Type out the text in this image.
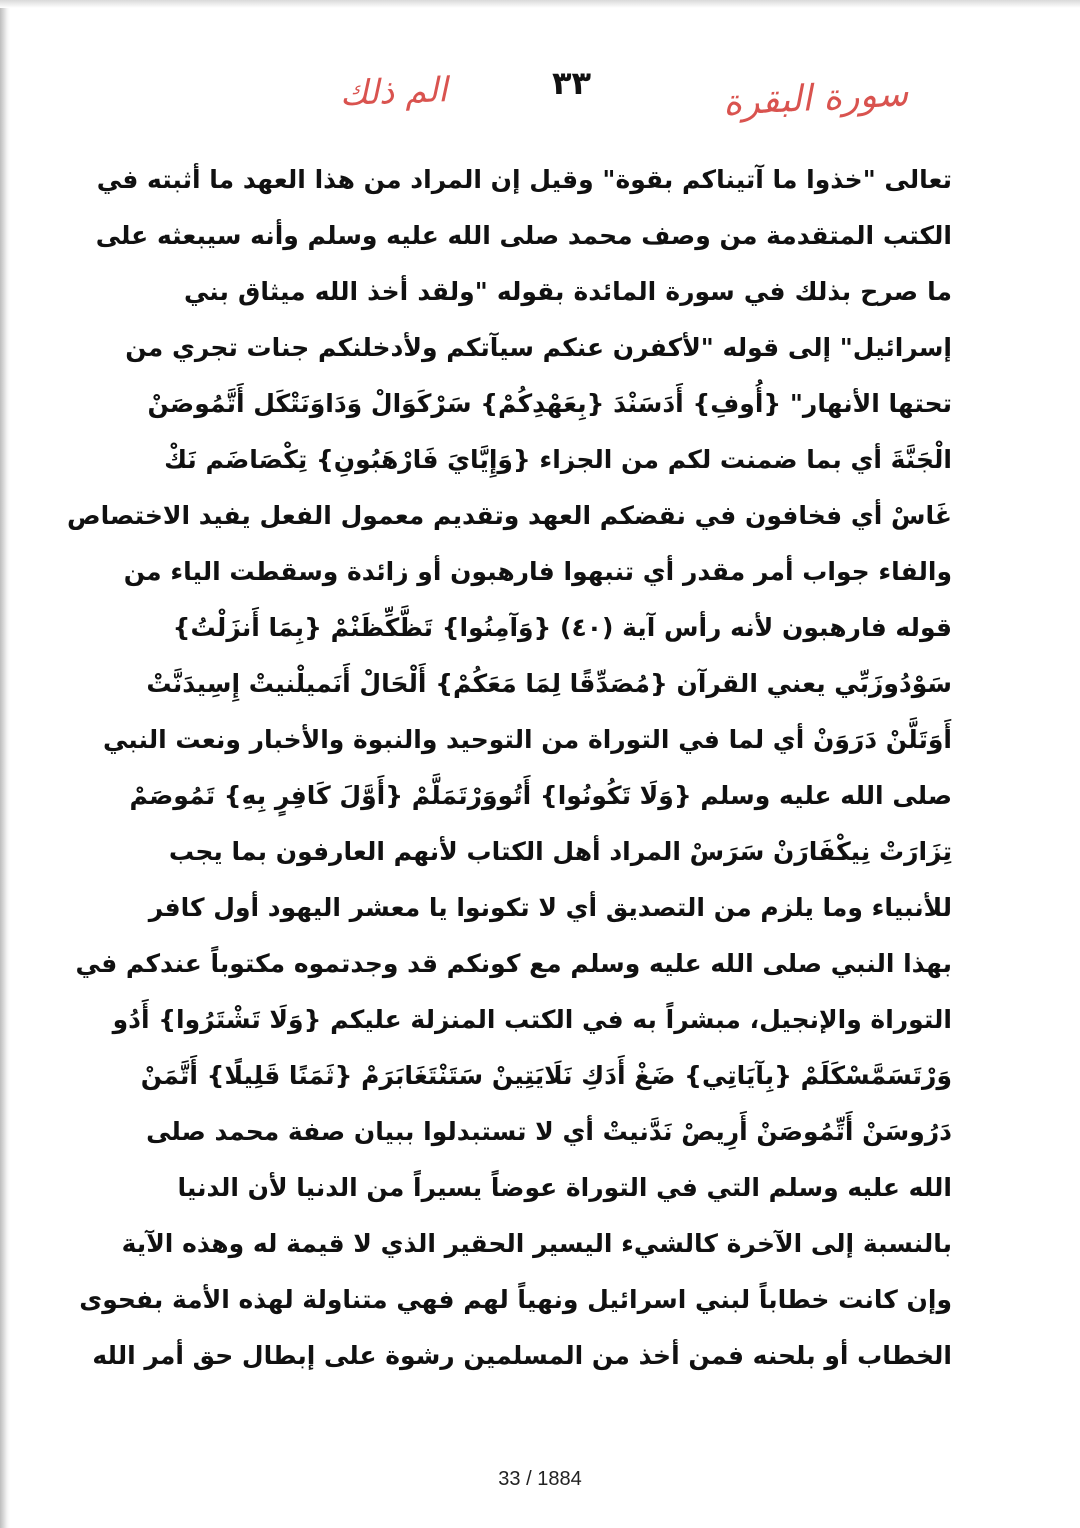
سورة البقرة
٣٣
الم ذلك
تعالى "خذوا ما آتيناكم بقوة" وقيل إن المراد من هذا العهد ما أثبته في
الكتب المتقدمة من وصف محمد صلى الله عليه وسلم وأنه سيبعثه على
ما صرح بذلك في سورة المائدة بقوله "ولقد أخذ الله ميثاق بني
إسرائيل" إلى قوله "لأكفرن عنكم سيآتكم ولأدخلنكم جنات تجري من
تحتها الأنهار" {أُوفِ} أَدَسَنْدَ {بِعَهْدِكُمْ} سَرْكَوَالْ وَدَاوَنَتْكَل أَتَّمُوصَنْ
الْجَنَّةَ أي بما ضمنت لكم من الجزاء {وَإِيَّايَ فَارْهَبُونِ} تِكْصَاضَم نَكْ
غَاسْ أي فخافون في نقضكم العهد وتقديم معمول الفعل يفيد الاختصاص
والفاء جواب أمر مقدر أي تنبهوا فارهبون أو زائدة وسقطت الياء من
قوله فارهبون لأنه رأس آية (٤٠) {وَآمِنُوا} تَظَّكِّظَنْمْ {بِمَا أَنزَلْتُ}
سَوْدُوزَبِّي يعني القرآن {مُصَدِّقًا لِمَا مَعَكُمْ} أَلْحَالْ أَنَميلْنيتْ إِسِيدَنَّتْ
أَوَتَلَّنْ دَرَوَنْ أي لما في التوراة من التوحيد والنبوة والأخبار ونعت النبي
صلى الله عليه وسلم {وَلَا تَكُونُوا} أَتُووَرْتَمَلَّمْ {أَوَّلَ كَافِرٍ بِهِ} تَمُوصَمْ
تِزَارَتْ نِيكْفَارَنْ سَرَسْ المراد أهل الكتاب لأنهم العارفون بما يجب
للأنبياء وما يلزم من التصديق أي لا تكونوا يا معشر اليهود أول كافر
بهذا النبي صلى الله عليه وسلم مع كونكم قد وجدتموه مكتوباً عندكم في
التوراة والإنجيل، مبشراً به في الكتب المنزلة عليكم {وَلَا تَشْتَرُوا} أَدُو
وَرْتَسَمَّسْكَلَمْ {بِآيَاتِي} ضَغْ أَدَكِ نَلَايَتِينْ سَتَنْتَغَابَرَمْ {ثَمَنًا قَلِيلًا} أَتَّمَنْ
دَرُوسَنْ أَتِّمُوصَنْ أَرِيصْ نَدَّنيتْ أي لا تستبدلوا ببيان صفة محمد صلى
الله عليه وسلم التي في التوراة عوضاً يسيراً من الدنيا لأن الدنيا
بالنسبة إلى الآخرة كالشيء اليسير الحقير الذي لا قيمة له وهذه الآية
وإن كانت خطاباً لبني اسرائيل ونهياً لهم فهي متناولة لهذه الأمة بفحوى
الخطاب أو بلحنه فمن أخذ من المسلمين رشوة على إبطال حق أمر الله
33 / 1884
